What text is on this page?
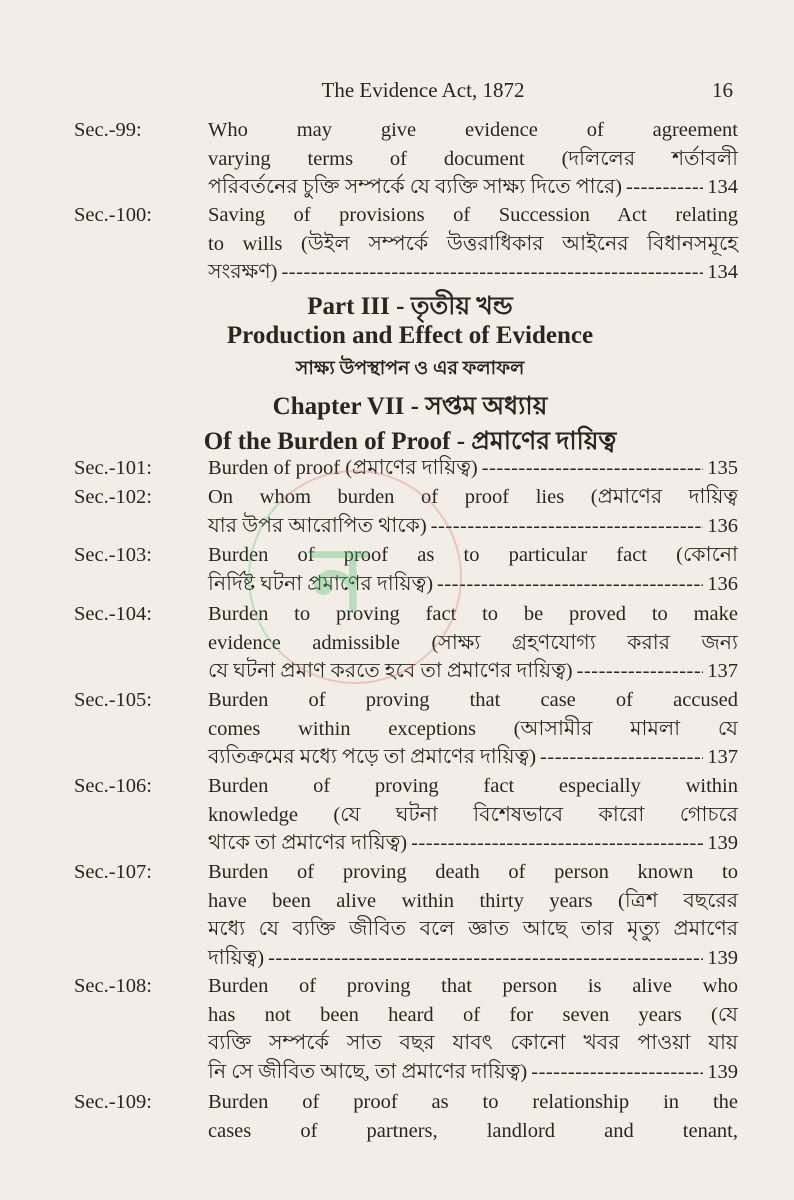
The Evidence Act, 1872	16
Part III - তৃতীয় খন্ড
Production and Effect of Evidence
সাক্ষ্য উপস্থাপন ও এর ফলাফল
Chapter VII - সপ্তম অধ্যায়
Of the Burden of Proof - প্রমাণের দায়িত্ব
Sec.-99:	Who may give evidence of agreement
varying terms of document (দলিলের শর্তাবলী
পরিবর্তনের চুক্তি সম্পর্কে যে ব্যক্তি সাক্ষ্য দিতে পারে) -----	134
Sec.-100:	Saving of provisions of Succession Act relating
to wills (উইল সম্পর্কে উত্তরাধিকার আইনের বিধানসমূহে
সংরক্ষণ) -----	134
Sec.-101:	Burden of proof (প্রমাণের দায়িত্ব) -----	135
Sec.-102:	On whom burden of proof lies (প্রমাণের দায়িত্ব
যার উপর আরোপিত থাকে) -----	136
Sec.-103:	Burden of proof as to particular fact (কোনো
নির্দিষ্ট ঘটনা প্রমাণের দায়িত্ব) -----	136
Sec.-104:	Burden to proving fact to be proved to make
evidence admissible (সাক্ষ্য গ্রহণযোগ্য করার জন্য
যে ঘটনা প্রমাণ করতে হবে তা প্রমাণের দায়িত্ব) -----	137
Sec.-105:	Burden of proving that case of accused
comes within exceptions (আসামীর মামলা যে
ব্যতিক্রমের মধ্যে পড়ে তা প্রমাণের দায়িত্ব) -----	137
Sec.-106:	Burden of proving fact especially within
knowledge (যে ঘটনা বিশেষভাবে কারো গোচরে
থাকে তা প্রমাণের দায়িত্ব) -----	139
Sec.-107:	Burden of proving death of person known to
have been alive within thirty years (ত্রিশ বছরের
মধ্যে যে ব্যক্তি জীবিত বলে জ্ঞাত আছে তার মৃত্যু প্রমাণের
দায়িত্ব) -----	139
Sec.-108:	Burden of proving that person is alive who
has not been heard of for seven years (যে
ব্যক্তি সম্পর্কে সাত বছর যাবৎ কোনো খবর পাওয়া যায়
নি সে জীবিত আছে, তা প্রমাণের দায়িত্ব) -----	139
Sec.-109:	Burden of proof as to relationship in the
cases of partners, landlord and tenant,
ন
